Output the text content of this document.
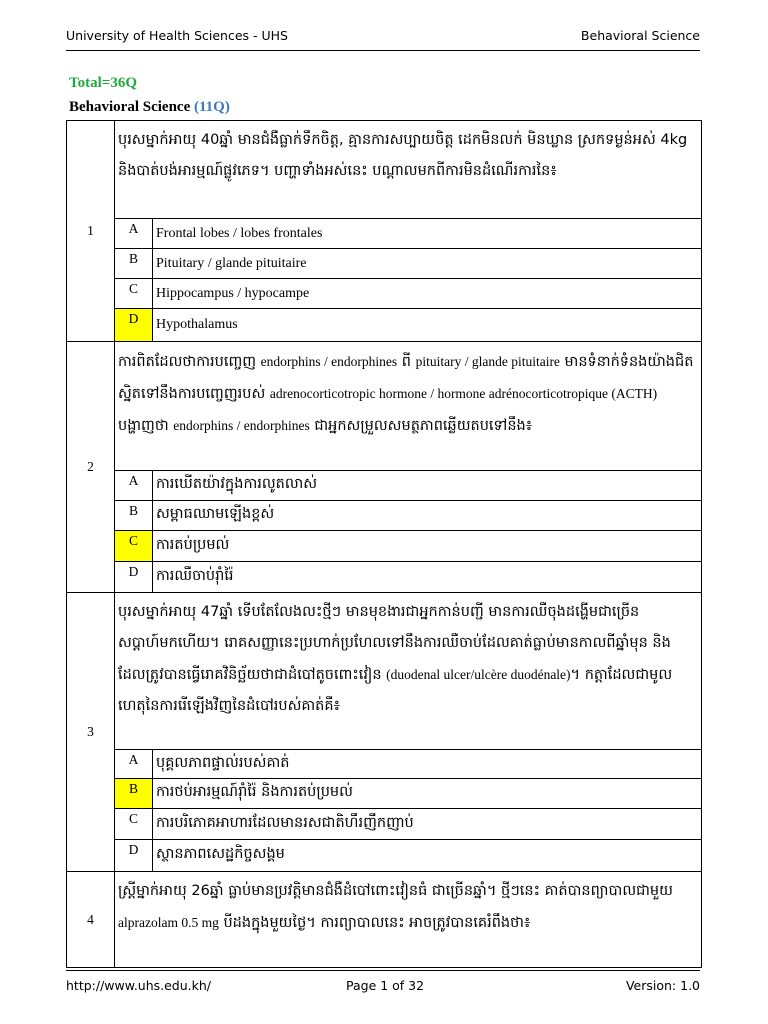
University of Health Sciences - UHS	Behavioral Science
Total=36Q
Behavioral Science (11Q)
1	បុរសម្នាក់អាយុ 40ឆ្នាំ មានជំងឺធ្លាក់ទឹកចិត្ត, គ្មានការសប្បាយចិត្ត ដេកមិនលក់ មិនឃ្លាន ស្រកទម្ងន់អស់ 4kg និងបាត់បង់អារម្មណ៍ផ្លូវភេទ។ បញ្ហាទាំងអស់នេះ បណ្តាលមកពីការមិនដំណើរការនៃ៖	
	A	Frontal lobes / lobes frontales
	B	Pituitary / glande pituitaire
	C	Hippocampus / hypocampe
	D	Hypothalamus
2	ការពិតដែលថាការបញ្ចេញ endorphins / endorphines ពី pituitary / glande pituitaire មានទំនាក់ទំនងយ៉ាងជិតស្និតទៅនឹងការបញ្ចេញរបស់ adrenocorticotropic hormone / hormone adrénocorticotropique (ACTH) បង្ហាញថា endorphins / endorphines ជាអ្នកសម្រួលសមត្ថភាពឆ្លើយតបទៅនឹង៖	
	A	ការឃើតយ៉ាវក្នុងការលូតលាស់
	B	សម្ពាធឈាមឡើងខ្ពស់
	C	ការតប់ប្រមល់
	D	ការឈឺចាប់រ៉ាំរ៉ៃ
3	បុរសម្នាក់អាយុ 47ឆ្នាំ ទើបតែលែងលះថ្មីៗ មានមុខងារជាអ្នកកាន់បញ្ជី មានការឈឺចុងដង្ហើមជាច្រើនសប្តាហ៍មកហើយ។ រោគសញ្ញានេះប្រហាក់ប្រហែលទៅនឹងការឈឺចាប់ដែលគាត់ធ្លាប់មានកាលពីឆ្នាំមុន និងដែលត្រូវបានធ្វើរោគវិនិច្ឆ័យថាជាដំបៅតូចពោះវៀន (duodenal ulcer/ulcère duodénale)។ កត្តាដែលជាមូលហេតុនៃការរើឡើងវិញនៃដំបៅរបស់គាត់គឺ៖	
	A	បុគ្គលភាពផ្ទាល់របស់គាត់
	B	ការថប់អារម្មណ៍រ៉ាំរ៉ៃ និងការតប់ប្រមល់
	C	ការបរិភោគអាហារដែលមានរសជាតិហឹរញឹកញាប់
	D	ស្ថានភាពសេដ្ឋកិច្ចសង្គម
4	ស្ត្រីម្នាក់អាយុ 26ឆ្នាំ ធ្លាប់មានប្រវត្តិមានជំងឺដំបៅពោះវៀនធំ ជាច្រើនឆ្នាំ។ ថ្មីៗនេះ គាត់បានព្យាបាលជាមួយ alprazolam 0.5 mg បីដងក្នុងមួយថ្ងៃ។ ការព្យាបាលនេះ អាចត្រូវបានគេរំពឹងថា៖	
http://www.uhs.edu.kh/	Page 1 of 32	Version: 1.0
